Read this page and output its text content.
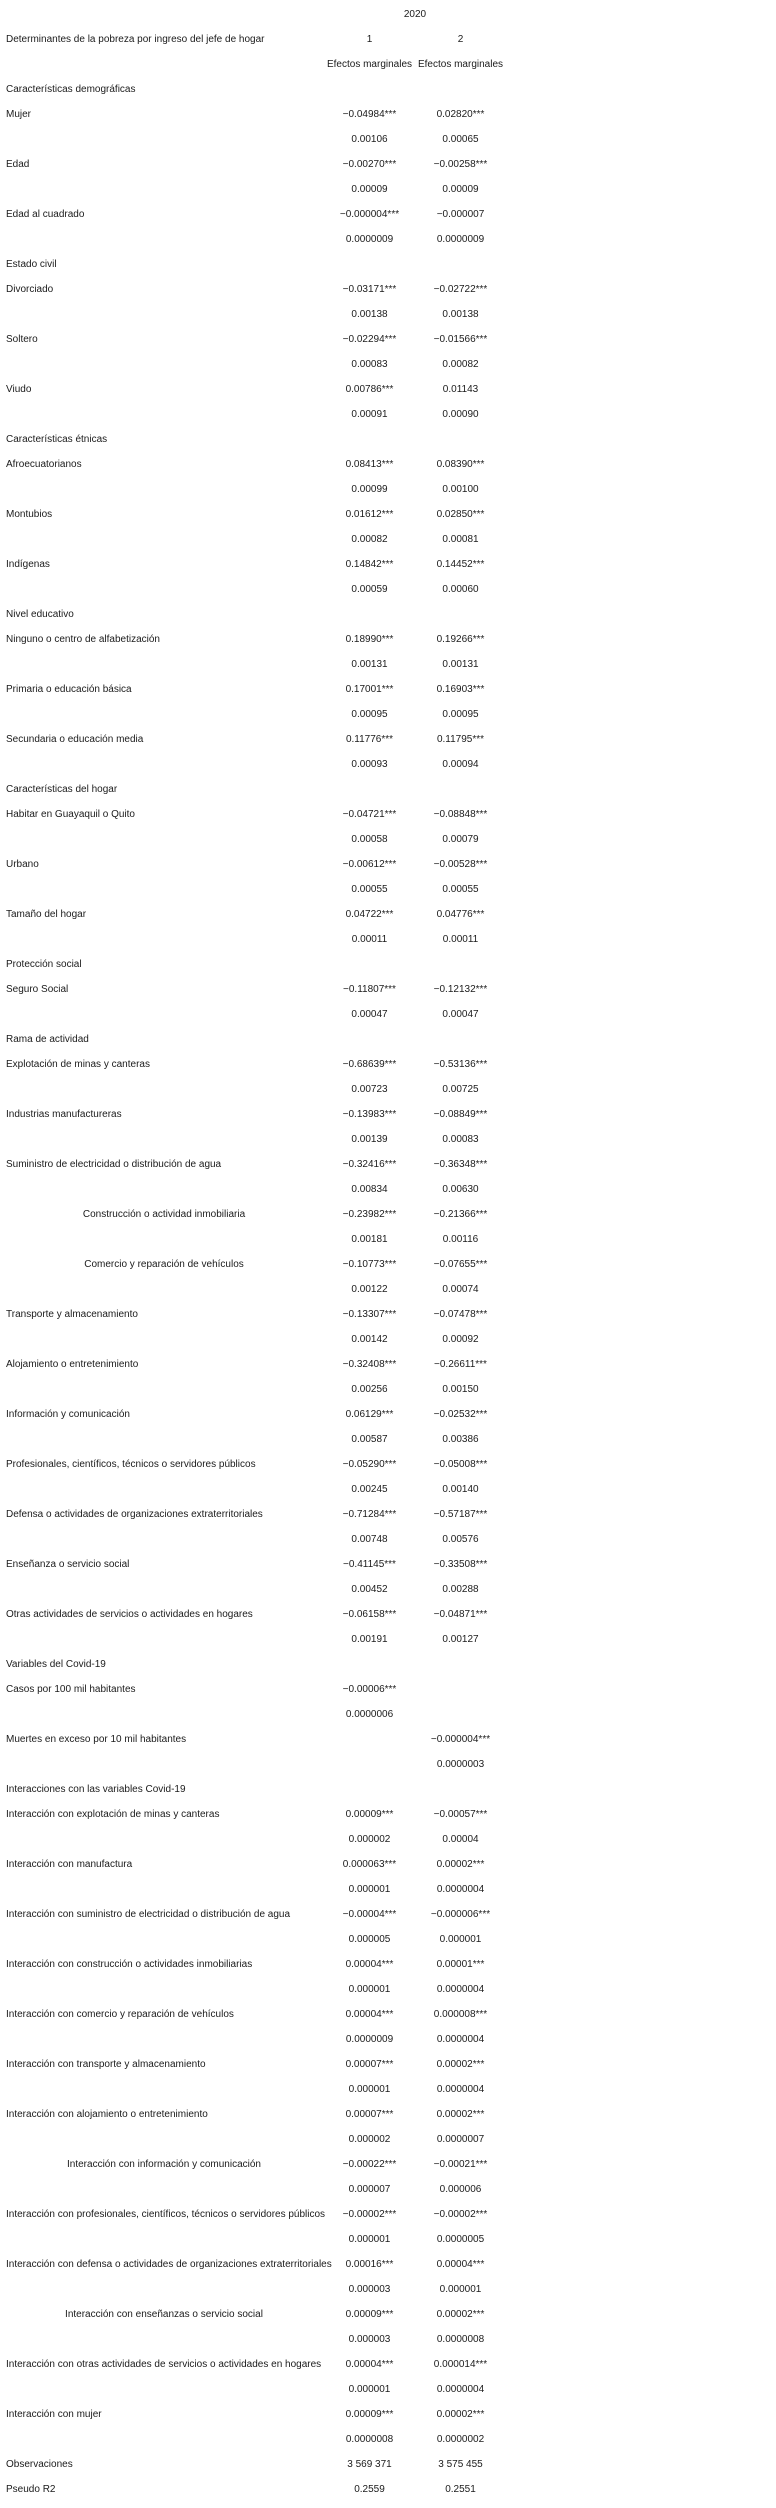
	2020	
Determinantes de la pobreza por ingreso del jefe de hogar	1	2
	Efectos marginales	Efectos marginales
Características demográficas		
Mujer	−0.04984***	0.02820***
	0.00106	0.00065
Edad	−0.00270***	−0.00258***
	0.00009	0.00009
Edad al cuadrado	−0.000004***	−0.000007
	0.0000009	0.0000009
Estado civil		
Divorciado	−0.03171***	−0.02722***
	0.00138	0.00138
Soltero	−0.02294***	−0.01566***
	0.00083	0.00082
Viudo	0.00786***	0.01143
	0.00091	0.00090
Características étnicas		
Afroecuatorianos	0.08413***	0.08390***
	0.00099	0.00100
Montubios	0.01612***	0.02850***
	0.00082	0.00081
Indígenas	0.14842***	0.14452***
	0.00059	0.00060
Nivel educativo		
Ninguno o centro de alfabetización	0.18990***	0.19266***
	0.00131	0.00131
Primaria o educación básica	0.17001***	0.16903***
	0.00095	0.00095
Secundaria o educación media	0.11776***	0.11795***
	0.00093	0.00094
Características del hogar		
Habitar en Guayaquil o Quito	−0.04721***	−0.08848***
	0.00058	0.00079
Urbano	−0.00612***	−0.00528***
	0.00055	0.00055
Tamaño del hogar	0.04722***	0.04776***
	0.00011	0.00011
Protección social		
Seguro Social	−0.11807***	−0.12132***
	0.00047	0.00047
Rama de actividad		
Explotación de minas y canteras	−0.68639***	−0.53136***
	0.00723	0.00725
Industrias manufactureras	−0.13983***	−0.08849***
	0.00139	0.00083
Suministro de electricidad o distribución de agua	−0.32416***	−0.36348***
	0.00834	0.00630
Construcción o actividad inmobiliaria	−0.23982***	−0.21366***
	0.00181	0.00116
Comercio y reparación de vehículos	−0.10773***	−0.07655***
	0.00122	0.00074
Transporte y almacenamiento	−0.13307***	−0.07478***
	0.00142	0.00092
Alojamiento o entretenimiento	−0.32408***	−0.26611***
	0.00256	0.00150
Información y comunicación	0.06129***	−0.02532***
	0.00587	0.00386
Profesionales, científicos, técnicos o servidores públicos	−0.05290***	−0.05008***
	0.00245	0.00140
Defensa o actividades de organizaciones extraterritoriales	−0.71284***	−0.57187***
	0.00748	0.00576
Enseñanza o servicio social	−0.41145***	−0.33508***
	0.00452	0.00288
Otras actividades de servicios o actividades en hogares	−0.06158***	−0.04871***
	0.00191	0.00127
Variables del Covid-19		
Casos por 100 mil habitantes	−0.00006***	
	0.0000006	
Muertes en exceso por 10 mil habitantes		−0.000004***
		0.0000003
Interacciones con las variables Covid-19		
Interacción con explotación de minas y canteras	0.00009***	−0.00057***
	0.000002	0.00004
Interacción con manufactura	0.000063***	0.00002***
	0.000001	0.0000004
Interacción con suministro de electricidad o distribución de agua	−0.00004***	−0.000006***
	0.000005	0.000001
Interacción con construcción o actividades inmobiliarias	0.00004***	0.00001***
	0.000001	0.0000004
Interacción con comercio y reparación de vehículos	0.00004***	0.000008***
	0.0000009	0.0000004
Interacción con transporte y almacenamiento	0.00007***	0.00002***
	0.000001	0.0000004
Interacción con alojamiento o entretenimiento	0.00007***	0.00002***
	0.000002	0.0000007
Interacción con información y comunicación	−0.00022***	−0.00021***
	0.000007	0.000006
Interacción con profesionales, científicos, técnicos o servidores públicos	−0.00002***	−0.00002***
	0.000001	0.0000005
Interacción con defensa o actividades de organizaciones extraterritoriales	0.00016***	0.00004***
	0.000003	0.000001
Interacción con enseñanzas o servicio social	0.00009***	0.00002***
	0.000003	0.0000008
Interacción con otras actividades de servicios o actividades en hogares	0.00004***	0.000014***
	0.000001	0.0000004
Interacción con mujer	0.00009***	0.00002***
	0.0000008	0.0000002
Observaciones	3 569 371	3 575 455
Pseudo R2	0.2559	0.2551
